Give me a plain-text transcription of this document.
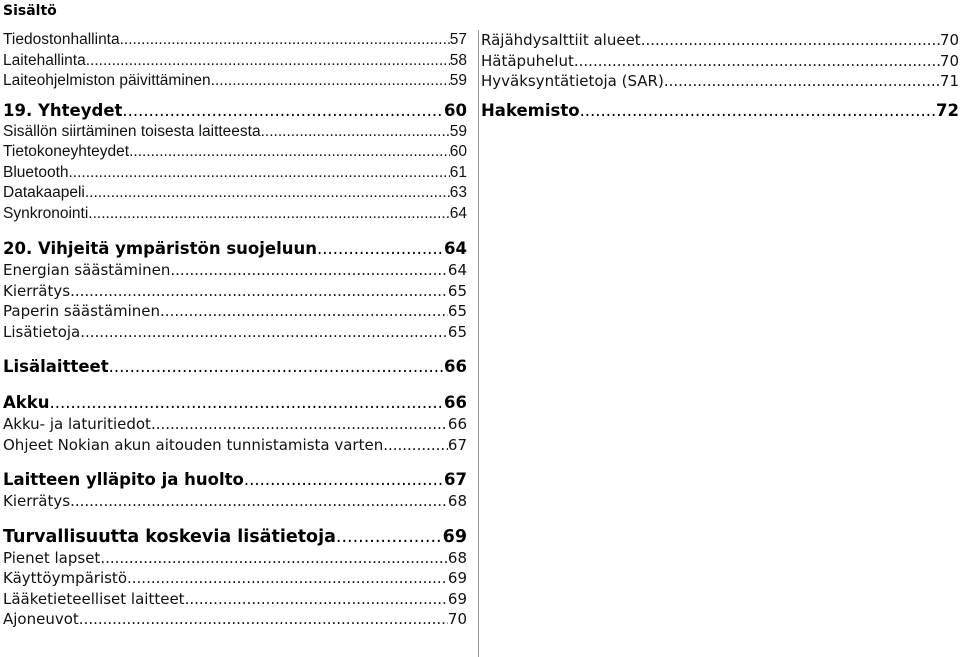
Sisältö
Tiedostonhallinta .....	57
Laitehallinta .....	58
Laiteohjelmiston päivittäminen .....	59
19. Yhteydet .....	60
Sisällön siirtäminen toisesta laitteesta .....	59
Tietokoneyhteydet .....	60
Bluetooth .....	61
Datakaapeli .....	63
Synkronointi .....	64
20. Vihjeitä ympäristön suojeluun .....	64
Energian säästäminen .....	64
Kierrätys .....	65
Paperin säästäminen .....	65
Lisätietoja .....	65
Lisälaitteet .....	66
Akku .....	66
Akku- ja laturitiedot .....	66
Ohjeet Nokian akun aitouden tunnistamista varten .....	67
Laitteen ylläpito ja huolto .....	67
Kierrätys .....	68
Turvallisuutta koskevia lisätietoja .....	69
Pienet lapset .....	68
Käyttöympäristö .....	69
Lääketieteelliset laitteet .....	69
Ajoneuvot .....	70
Räjähdysalttiit alueet .....	70
Hätäpuhelut .....	70
Hyväksyntätietoja (SAR) .....	71
Hakemisto .....	72
